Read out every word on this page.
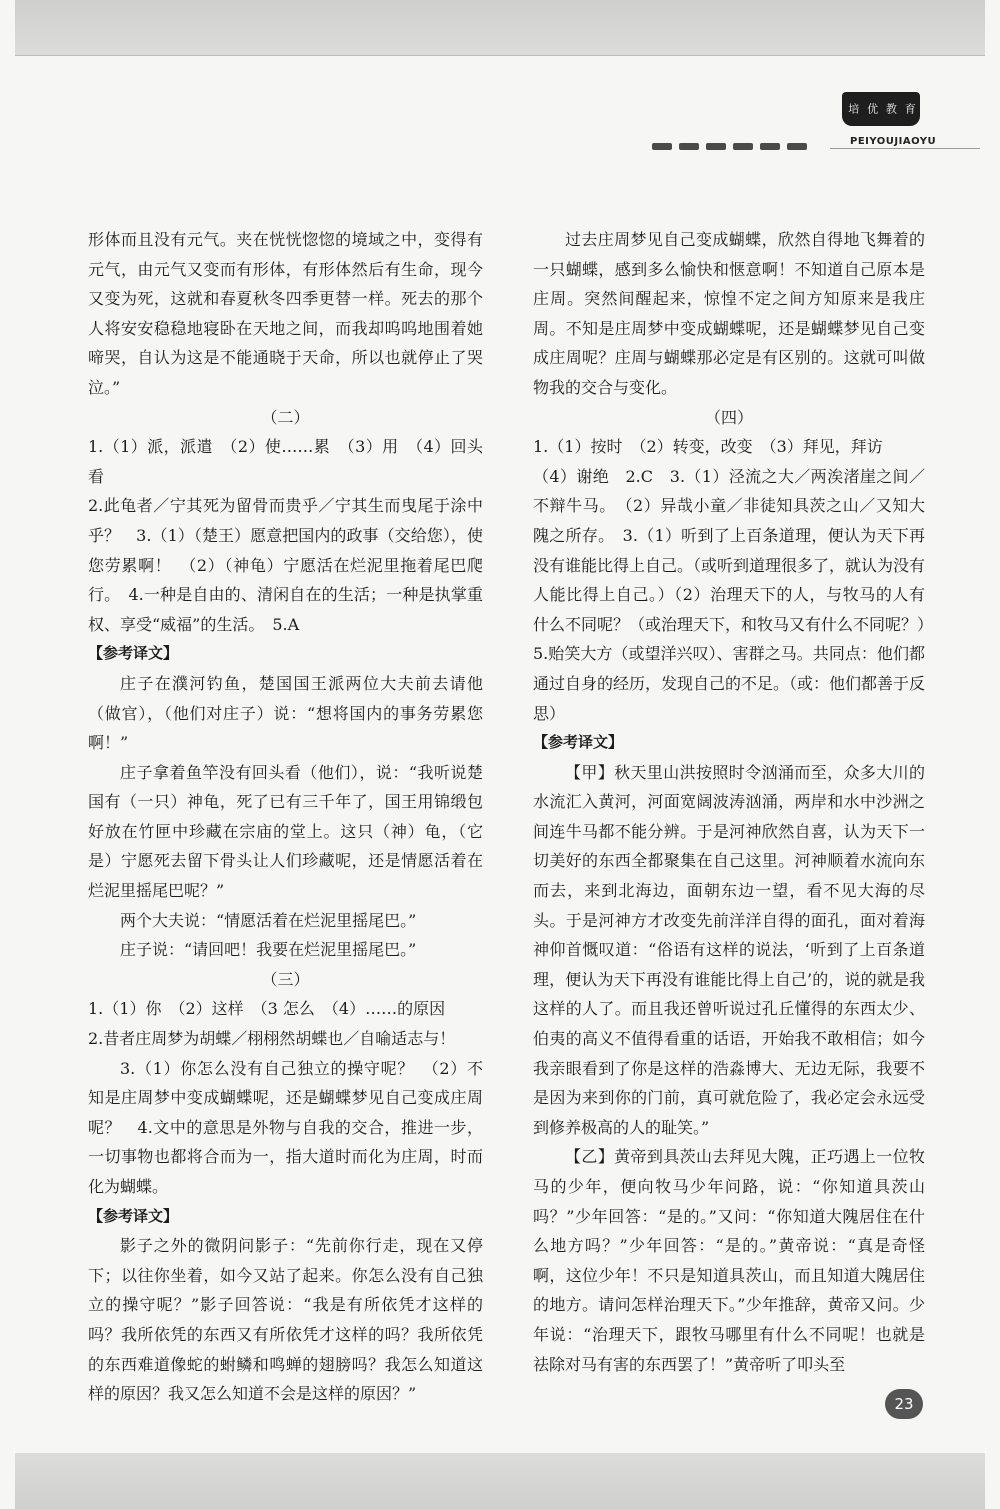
培 优 教 育
PEIYOUJIAOYU

形体而且没有元气。夹在恍恍惚惚的境域之中，变得有元气，由元气又变而有形体，有形体然后有生命，现今又变为死，这就和春夏秋冬四季更替一样。死去的那个人将安安稳稳地寝卧在天地之间，而我却呜呜地围着她啼哭，自认为这是不能通晓于天命，所以也就停止了哭泣。”

（二）

1.（1）派，派遣　（2）使……累　（3）用　（4）回头看

2.此龟者／宁其死为留骨而贵乎／宁其生而曳尾于涂中乎？　3.（1）（楚王）愿意把国内的政事（交给您），使您劳累啊！　（2）（神龟）宁愿活在烂泥里拖着尾巴爬行。　4.一种是自由的、清闲自在的生活；一种是执掌重权、享受“威福”的生活。　5.A

【参考译文】

庄子在濮河钓鱼，楚国国王派两位大夫前去请他（做官），（他们对庄子）说：“想将国内的事务劳累您啊！”

庄子拿着鱼竿没有回头看（他们），说：“我听说楚国有（一只）神龟，死了已有三千年了，国王用锦缎包好放在竹匣中珍藏在宗庙的堂上。这只（神）龟，（它是）宁愿死去留下骨头让人们珍藏呢，还是情愿活着在烂泥里摇尾巴呢？”

两个大夫说：“情愿活着在烂泥里摇尾巴。”

庄子说：“请回吧！我要在烂泥里摇尾巴。”

（三）

1.（1）你　（2）这样　（3 怎么　（4）……的原因

2.昔者庄周梦为胡蝶／栩栩然胡蝶也／自喻适志与！

3.（1）你怎么没有自己独立的操守呢？　（2）不知是庄周梦中变成蝴蝶呢，还是蝴蝶梦见自己变成庄周呢？　4.文中的意思是外物与自我的交合，推进一步，一切事物也都将合而为一，指大道时而化为庄周，时而化为蝴蝶。

【参考译文】

影子之外的微阴问影子：“先前你行走，现在又停下；以往你坐着，如今又站了起来。你怎么没有自己独立的操守呢？”影子回答说：“我是有所依凭才这样的吗？我所依凭的东西又有所依凭才这样的吗？我所依凭的东西难道像蛇的蚹鳞和鸣蝉的翅膀吗？我怎么知道这样的原因？我又怎么知道不会是这样的原因？”

过去庄周梦见自己变成蝴蝶，欣然自得地飞舞着的一只蝴蝶，感到多么愉快和惬意啊！不知道自己原本是庄周。突然间醒起来，惊惶不定之间方知原来是我庄周。不知是庄周梦中变成蝴蝶呢，还是蝴蝶梦见自己变成庄周呢？庄周与蝴蝶那必定是有区别的。这就可叫做物我的交合与变化。

（四）

1.（1）按时　（2）转变，改变　（3）拜见，拜访

（4）谢绝　2.C　3.（1）泾流之大／两涘渚崖之间／不辩牛马。　（2）异哉小童／非徒知具茨之山／又知大隗之所存。　3.（1）听到了上百条道理，便认为天下再没有谁能比得上自己。（或听到道理很多了，就认为没有人能比得上自己。）（2）治理天下的人，与牧马的人有什么不同呢？（或治理天下，和牧马又有什么不同呢？）　5.贻笑大方（或望洋兴叹）、害群之马。共同点：他们都通过自身的经历，发现自己的不足。（或：他们都善于反思）

【参考译文】

【甲】秋天里山洪按照时令汹涌而至，众多大川的水流汇入黄河，河面宽阔波涛汹涌，两岸和水中沙洲之间连牛马都不能分辨。于是河神欣然自喜，认为天下一切美好的东西全都聚集在自己这里。河神顺着水流向东而去，来到北海边，面朝东边一望，看不见大海的尽头。于是河神方才改变先前洋洋自得的面孔，面对着海神仰首慨叹道：“俗语有这样的说法，‘听到了上百条道理，便认为天下再没有谁能比得上自己’的，说的就是我这样的人了。而且我还曾听说过孔丘懂得的东西太少、伯夷的高义不值得看重的话语，开始我不敢相信；如今我亲眼看到了你是这样的浩淼博大、无边无际，我要不是因为来到你的门前，真可就危险了，我必定会永远受到修养极高的人的耻笑。”

【乙】黄帝到具茨山去拜见大隗，正巧遇上一位牧马的少年，便向牧马少年问路，说：“你知道具茨山吗？”少年回答：“是的。”又问：“你知道大隗居住在什么地方吗？”少年回答：“是的。”黄帝说：“真是奇怪啊，这位少年！不只是知道具茨山，而且知道大隗居住的地方。请问怎样治理天下。”少年推辞，黄帝又问。少年说：“治理天下，跟牧马哪里有什么不同呢！也就是祛除对马有害的东西罢了！”黄帝听了叩头至

23
